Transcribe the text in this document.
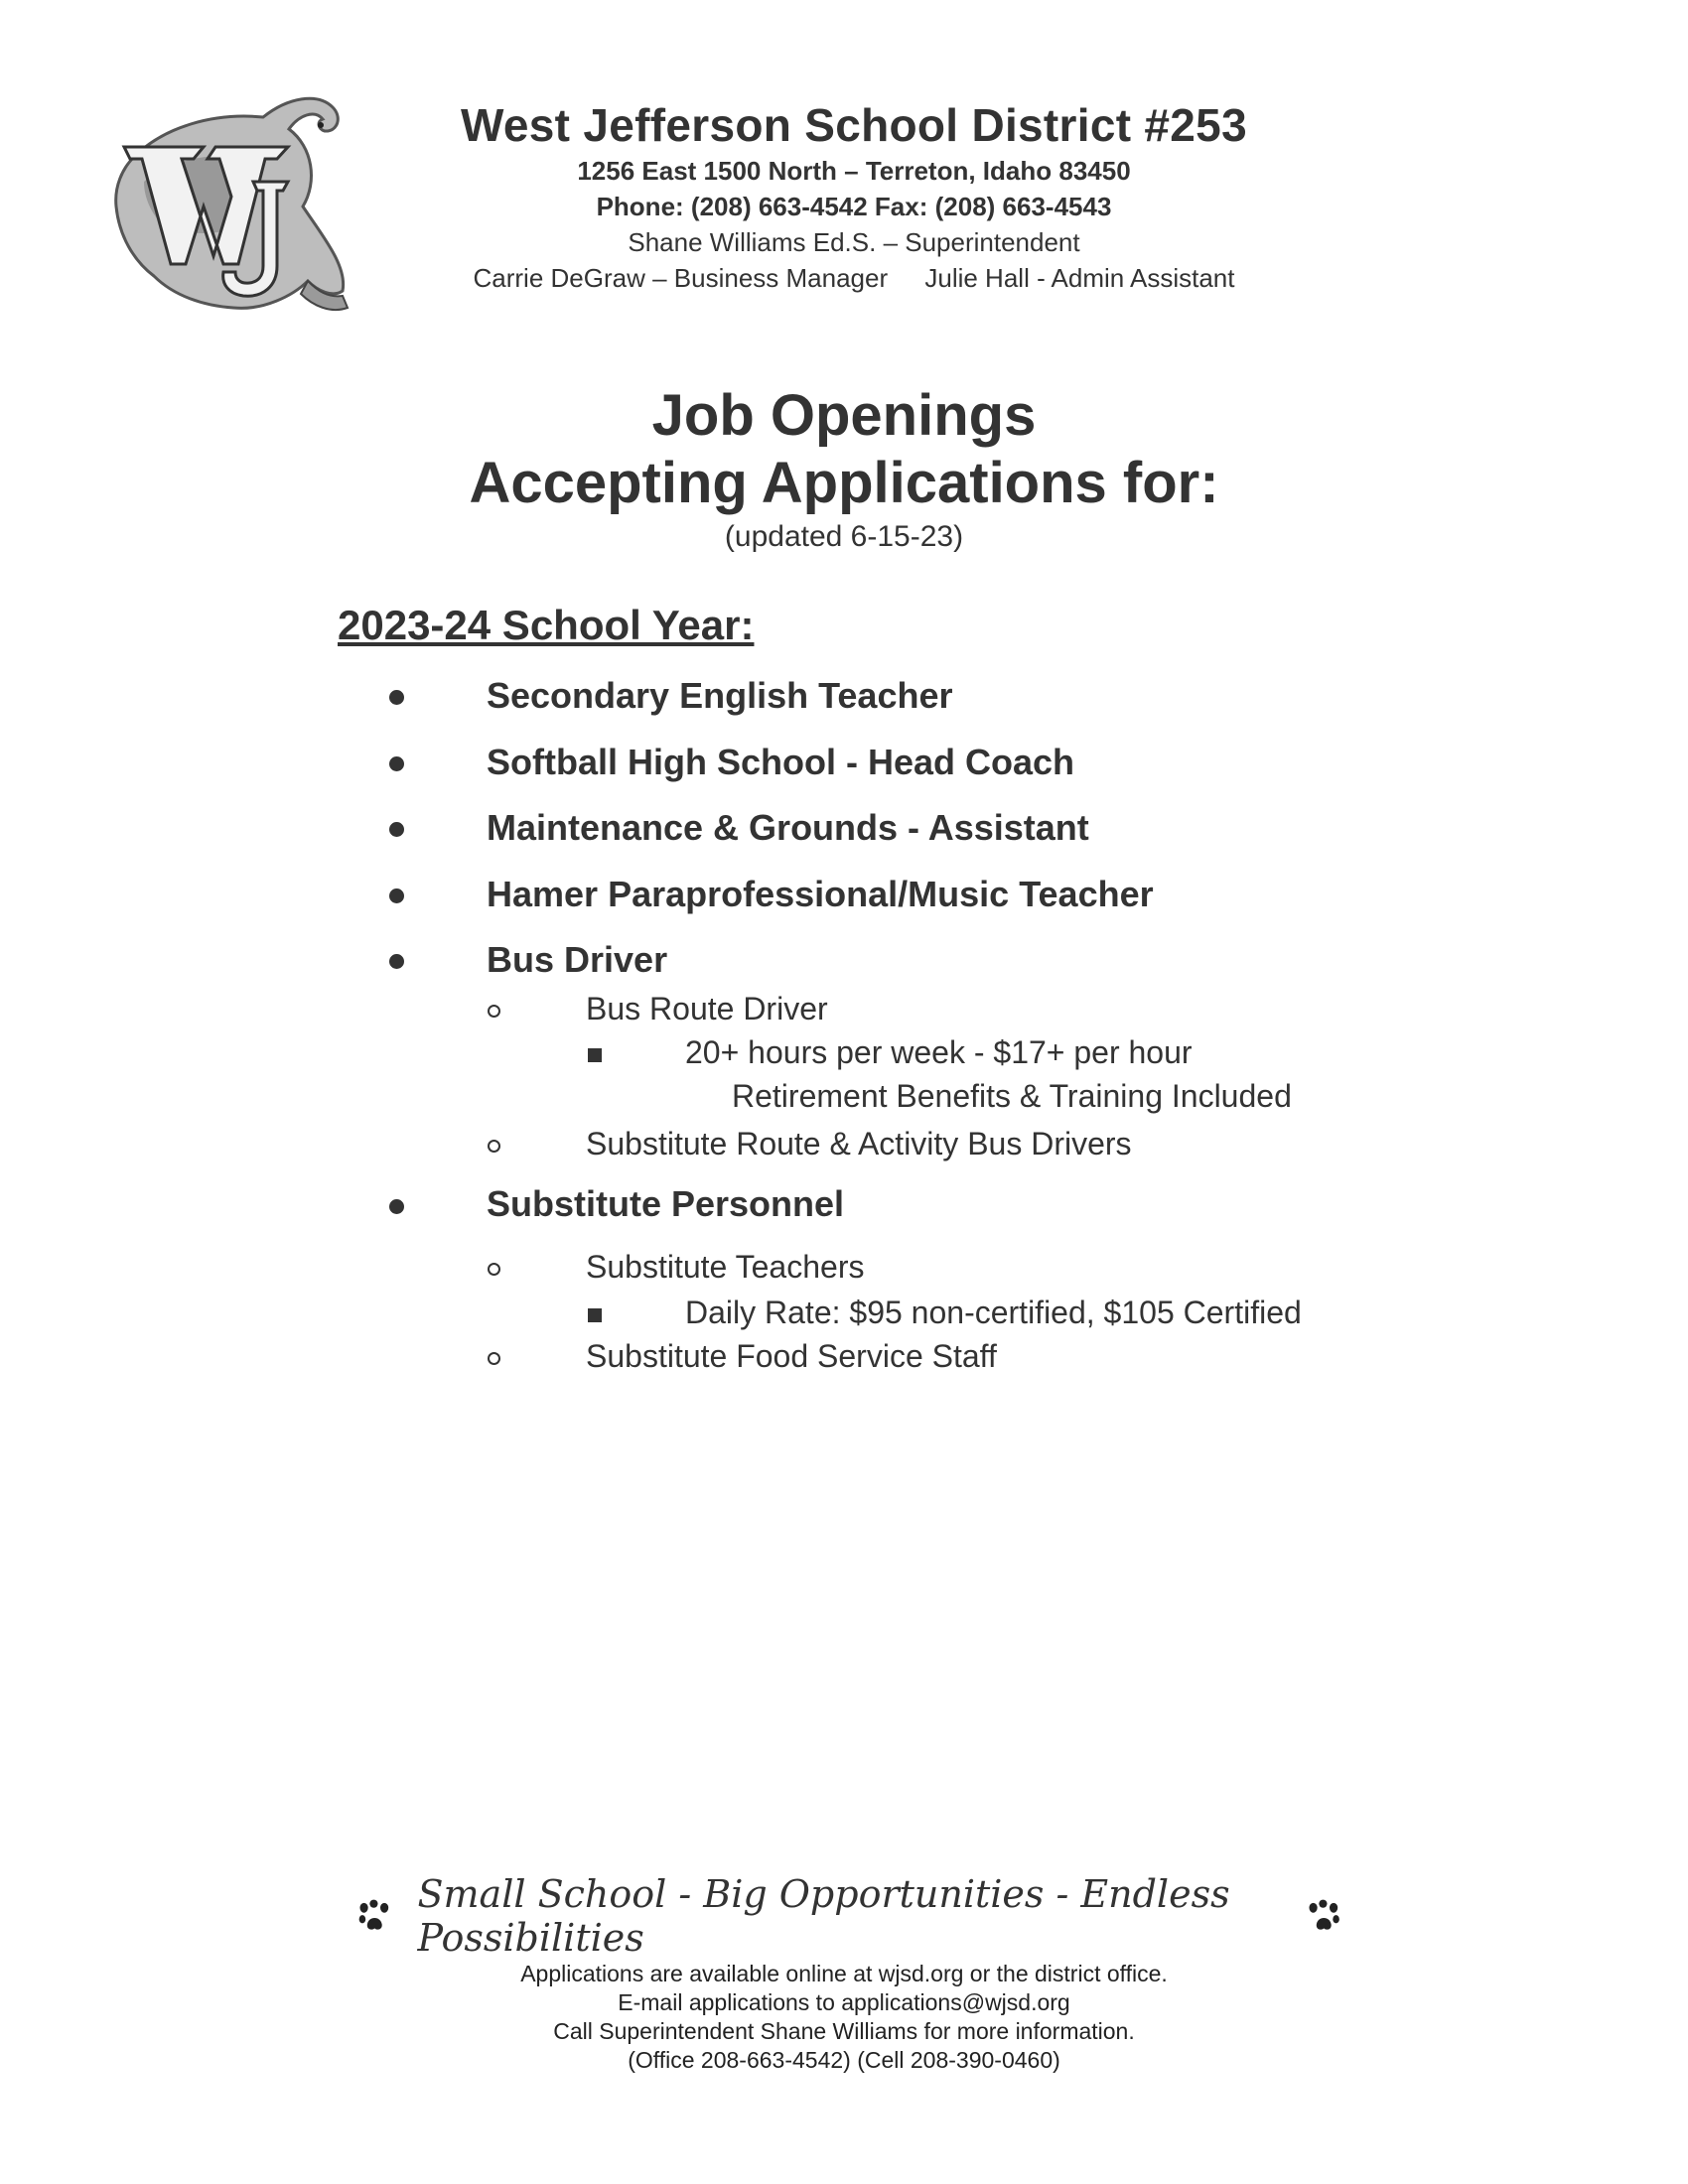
West Jefferson School District #253
1256 East 1500 North – Terreton, Idaho 83450
Phone: (208) 663-4542 Fax: (208) 663-4543
Shane Williams Ed.S. – Superintendent
Carrie DeGraw – Business Manager Julie Hall - Admin Assistant
Job Openings
Accepting Applications for:
(updated 6-15-23)
2023-24 School Year:
Secondary English Teacher
Softball High School - Head Coach
Maintenance & Grounds - Assistant
Hamer Paraprofessional/Music Teacher
Bus Driver
Bus Route Driver
20+ hours per week - $17+ per hour
Retirement Benefits & Training Included
Substitute Route & Activity Bus Drivers
Substitute Personnel
Substitute Teachers
Daily Rate: $95 non-certified, $105 Certified
Substitute Food Service Staff
Small School - Big Opportunities - Endless Possibilities
Applications are available online at wjsd.org or the district office.
E-mail applications to applications@wjsd.org
Call Superintendent Shane Williams for more information.
(Office 208-663-4542) (Cell 208-390-0460)
